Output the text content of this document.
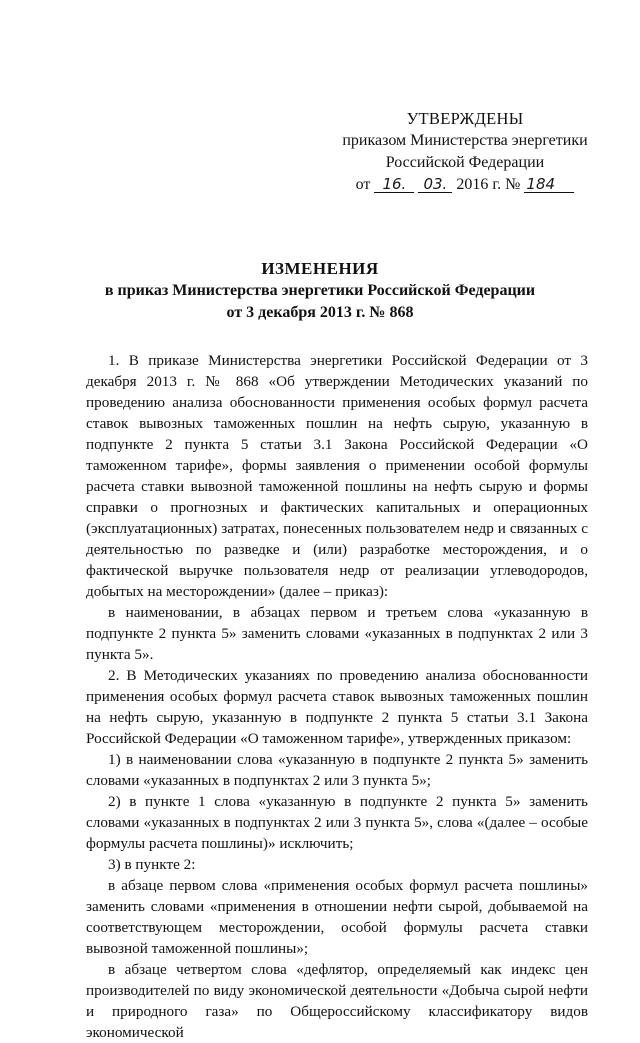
УТВЕРЖДЕНЫ
приказом Министерства энергетики
Российской Федерации
от 16. 03. 2016 г. № 184
ИЗМЕНЕНИЯ
в приказ Министерства энергетики Российской Федерации
от 3 декабря 2013 г. № 868

1. В приказе Министерства энергетики Российской Федерации от 3 декабря 2013 г. № 868 «Об утверждении Методических указаний по проведению анализа обоснованности применения особых формул расчета ставок вывозных таможенных пошлин на нефть сырую, указанную в подпункте 2 пункта 5 статьи 3.1 Закона Российской Федерации «О таможенном тарифе», формы заявления о применении особой формулы расчета ставки вывозной таможенной пошлины на нефть сырую и формы справки о прогнозных и фактических капитальных и операционных (эксплуатационных) затратах, понесенных пользователем недр и связанных с деятельностью по разведке и (или) разработке месторождения, и о фактической выручке пользователя недр от реализации углеводородов, добытых на месторождении» (далее – приказ):

в наименовании, в абзацах первом и третьем слова «указанную в подпункте 2 пункта 5» заменить словами «указанных в подпунктах 2 или 3 пункта 5».

2. В Методических указаниях по проведению анализа обоснованности применения особых формул расчета ставок вывозных таможенных пошлин на нефть сырую, указанную в подпункте 2 пункта 5 статьи 3.1 Закона Российской Федерации «О таможенном тарифе», утвержденных приказом:

1) в наименовании слова «указанную в подпункте 2 пункта 5» заменить словами «указанных в подпунктах 2 или 3 пункта 5»;

2) в пункте 1 слова «указанную в подпункте 2 пункта 5» заменить словами «указанных в подпунктах 2 или 3 пункта 5», слова «(далее – особые формулы расчета пошлины)» исключить;

3) в пункте 2:

в абзаце первом слова «применения особых формул расчета пошлины» заменить словами «применения в отношении нефти сырой, добываемой на соответствующем месторождении, особой формулы расчета ставки вывозной таможенной пошлины»;

в абзаце четвертом слова «дефлятор, определяемый как индекс цен производителей по виду экономической деятельности «Добыча сырой нефти и природного газа» по Общероссийскому классификатору видов экономической
